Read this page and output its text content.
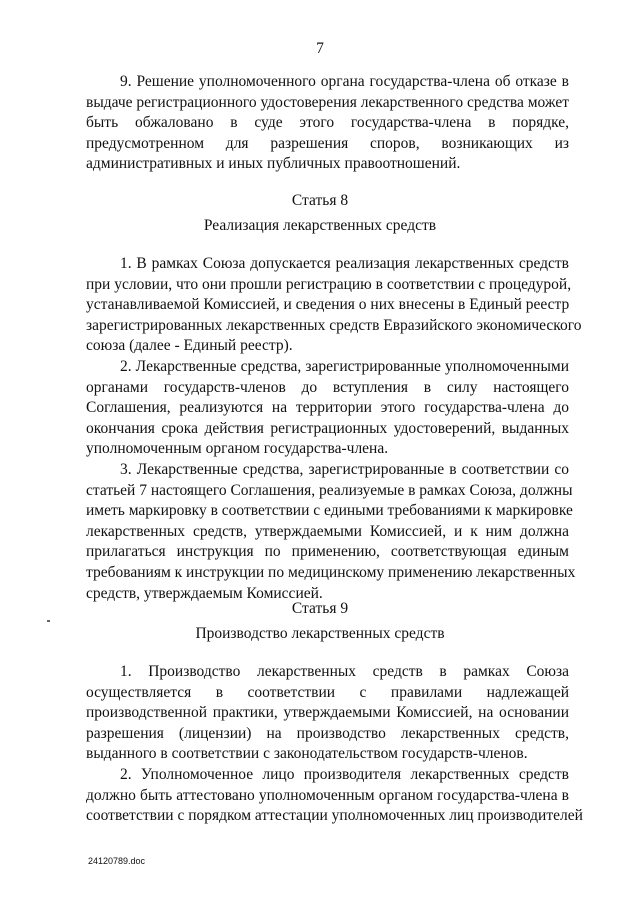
7
9. Решение уполномоченного органа государства-члена об отказе в
выдаче регистрационного удостоверения лекарственного средства может
быть обжаловано в суде этого государства-члена в порядке,
предусмотренном для разрешения споров, возникающих из
административных и иных публичных правоотношений.
Статья 8
Реализация лекарственных средств
1. В рамках Союза допускается реализация лекарственных средств
при условии, что они прошли регистрацию в соответствии с процедурой,
устанавливаемой Комиссией, и сведения о них внесены в Единый реестр
зарегистрированных лекарственных средств Евразийского экономического
союза (далее - Единый реестр).
2. Лекарственные средства, зарегистрированные уполномоченными
органами государств-членов до вступления в силу настоящего
Соглашения, реализуются на территории этого государства-члена до
окончания срока действия регистрационных удостоверений, выданных
уполномоченным органом государства-члена.
3. Лекарственные средства, зарегистрированные в соответствии со
статьей 7 настоящего Соглашения, реализуемые в рамках Союза, должны
иметь маркировку в соответствии с едиными требованиями к маркировке
лекарственных средств, утверждаемыми Комиссией, и к ним должна
прилагаться инструкция по применению, соответствующая единым
требованиям к инструкции по медицинскому применению лекарственных
средств, утверждаемым Комиссией.
Статья 9
Производство лекарственных средств
1. Производство лекарственных средств в рамках Союза
осуществляется в соответствии с правилами надлежащей
производственной практики, утверждаемыми Комиссией, на основании
разрешения (лицензии) на производство лекарственных средств,
выданного в соответствии с законодательством государств-членов.
2. Уполномоченное лицо производителя лекарственных средств
должно быть аттестовано уполномоченным органом государства-члена в
соответствии с порядком аттестации уполномоченных лиц производителей
24120789.doc
